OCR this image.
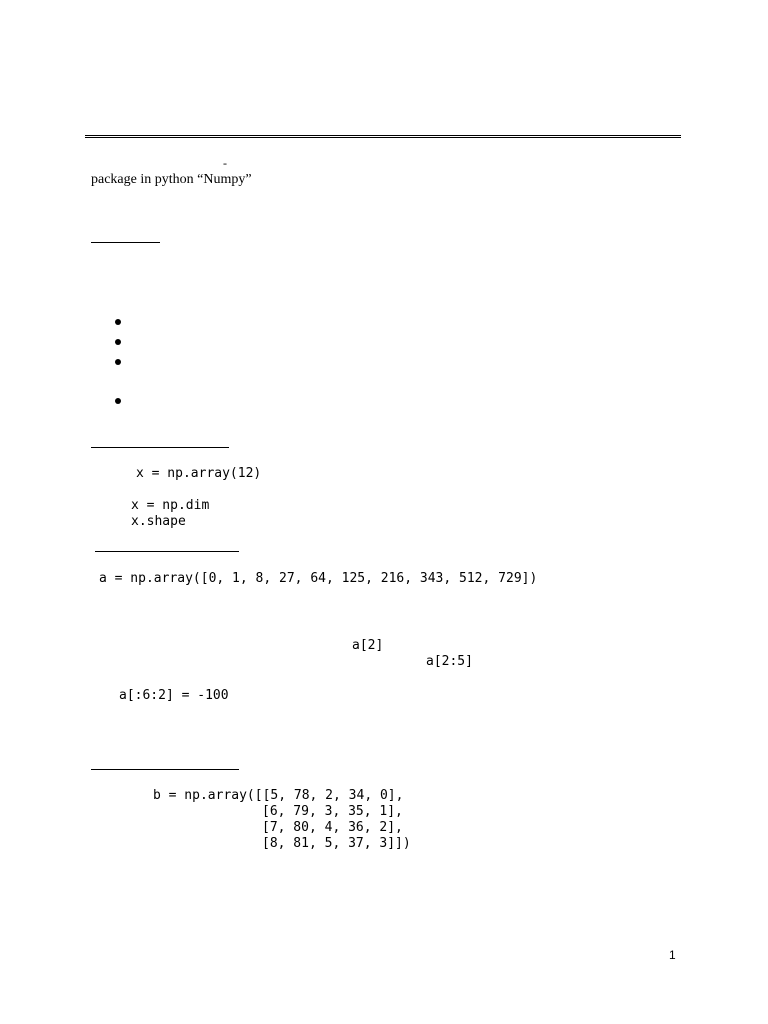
-
package in python “Numpy”
x = np.array(12)
x = np.dim
x.shape
a = np.array([0, 1, 8, 27, 64, 125, 216, 343, 512, 729])
a[2]
a[2:5]
a[:6:2] = -100
b = np.array([[5, 78, 2, 34, 0],
[6, 79, 3, 35, 1],
[7, 80, 4, 36, 2],
[8, 81, 5, 37, 3]])
1
